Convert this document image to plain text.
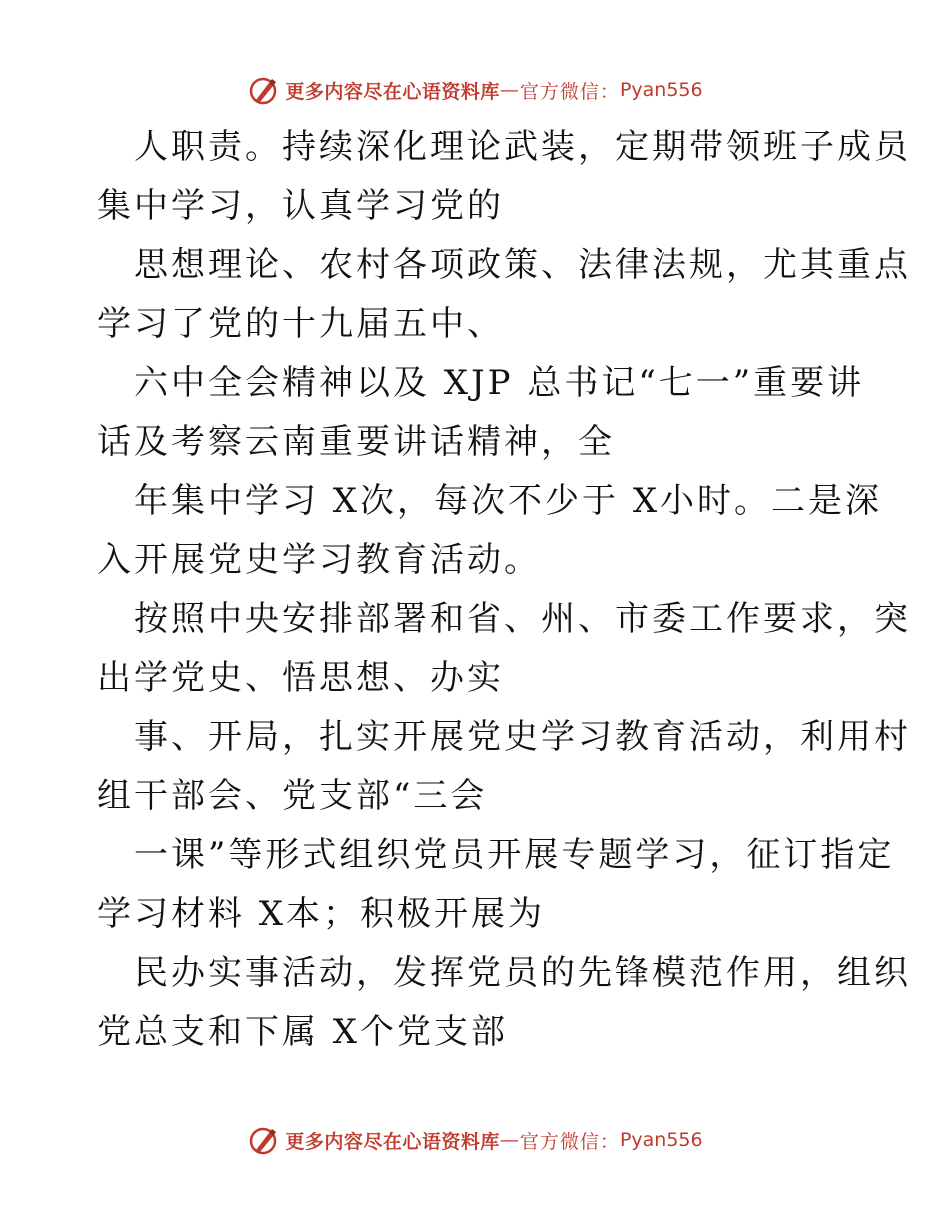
更多内容尽在心语资料库 — 官方微信： Pyan556
人职责。持续深化理论武装，定期带领班子成员
集中学习，认真学习党的
思想理论、农村各项政策、法律法规，尤其重点
学习了党的十九届五中、
六中全会精神以及 XJP 总书记“七一”重要讲
话及考察云南重要讲话精神，全
年集中学习 X次，每次不少于 X小时。二是深
入开展党史学习教育活动。
按照中央安排部署和省、州、市委工作要求，突
出学党史、悟思想、办实
事、开局，扎实开展党史学习教育活动，利用村
组干部会、党支部“三会
一课”等形式组织党员开展专题学习，征订指定
学习材料 X本；积极开展为
民办实事活动，发挥党员的先锋模范作用，组织
党总支和下属 X个党支部
更多内容尽在心语资料库 — 官方微信： Pyan556
